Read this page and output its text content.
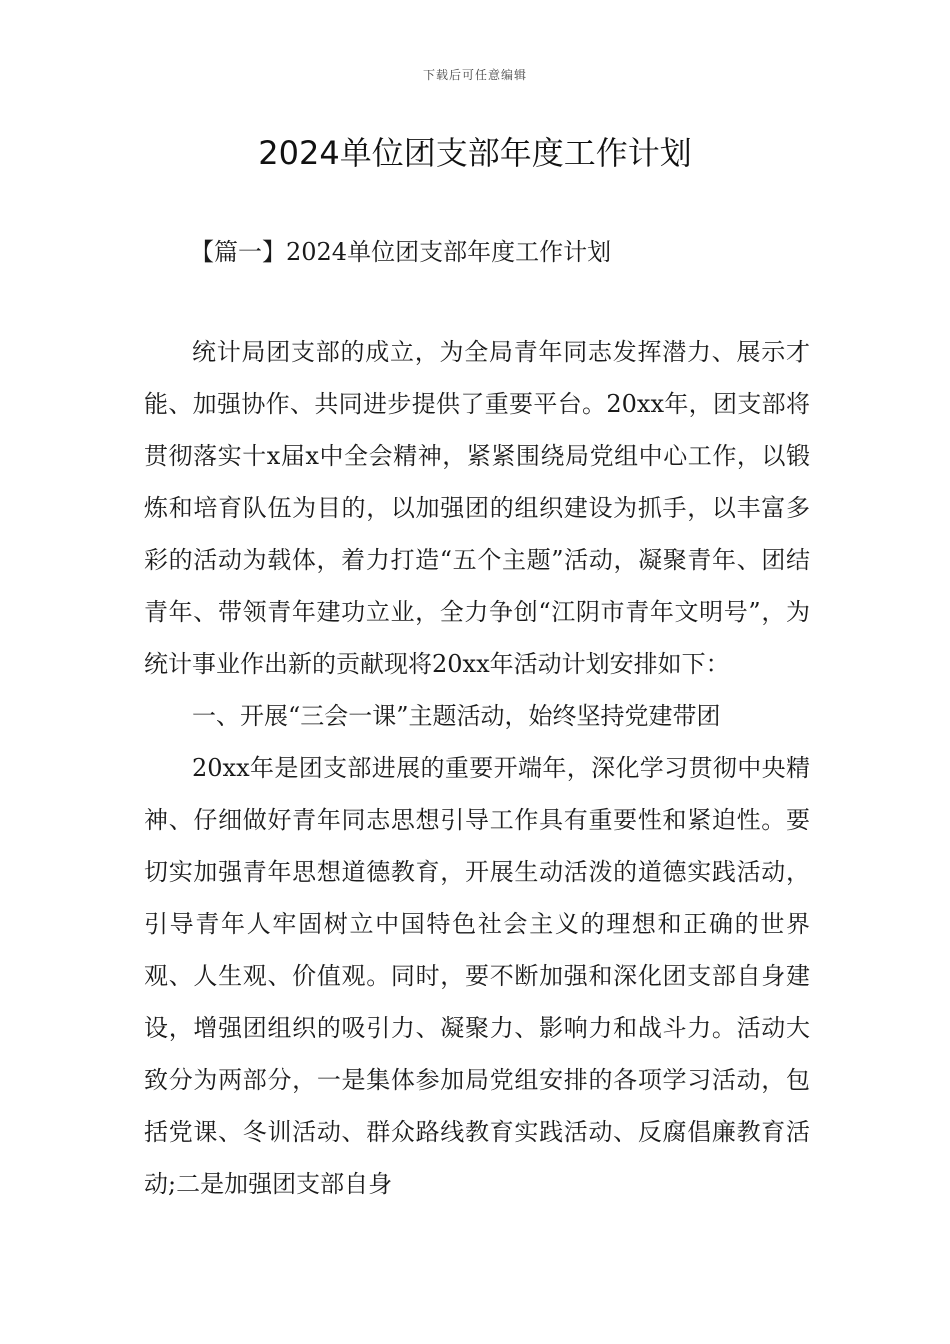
下载后可任意编辑
2024单位团支部年度工作计划
【篇一】2024单位团支部年度工作计划

统计局团支部的成立，为全局青年同志发挥潜力、展示才能、加强协作、共同进步提供了重要平台。20xx年，团支部将贯彻落实十x届x中全会精神，紧紧围绕局党组中心工作，以锻炼和培育队伍为目的，以加强团的组织建设为抓手，以丰富多彩的活动为载体，着力打造“五个主题”活动，凝聚青年、团结青年、带领青年建功立业，全力争创“江阴市青年文明号”，为统计事业作出新的贡献现将20xx年活动计划安排如下：

一、开展“三会一课”主题活动，始终坚持党建带团

20xx年是团支部进展的重要开端年，深化学习贯彻中央精神、仔细做好青年同志思想引导工作具有重要性和紧迫性。要切实加强青年思想道德教育，开展生动活泼的道德实践活动，引导青年人牢固树立中国特色社会主义的理想和正确的世界观、人生观、价值观。同时，要不断加强和深化团支部自身建设，增强团组织的吸引力、凝聚力、影响力和战斗力。活动大致分为两部分，一是集体参加局党组安排的各项学习活动，包括党课、冬训活动、群众路线教育实践活动、反腐倡廉教育活动;二是加强团支部自身
